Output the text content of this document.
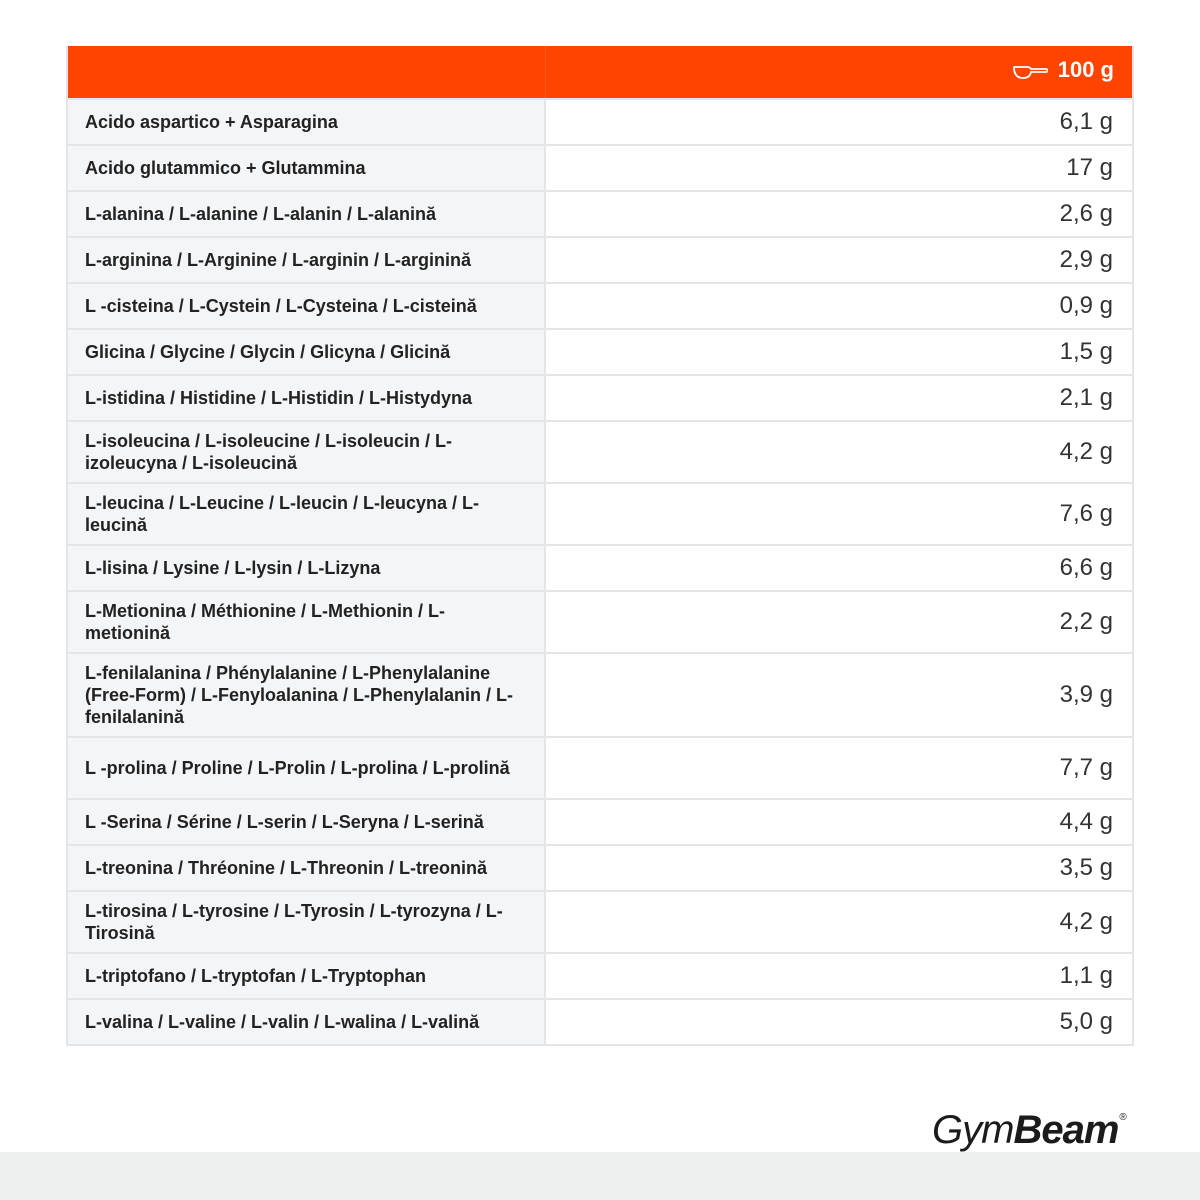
	100 g

Acido aspartico + Asparagina	6,1 g
Acido glutammico + Glutammina	17 g
L-alanina / L-alanine / L-alanin / L-alanină	2,6 g
L-arginina / L-Arginine / L-arginin / L-arginină	2,9 g
L -cisteina / L-Cystein / L-Cysteina / L-cisteină	0,9 g
Glicina / Glycine / Glycin / Glicyna / Glicină	1,5 g
L-istidina / Histidine / L-Histidin / L-Histydyna	2,1 g
L-isoleucina / L-isoleucine / L-isoleucin / L-izoleucyna / L-isoleucină	4,2 g
L-leucina / L-Leucine / L-leucin / L-leucyna / L-leucină	7,6 g
L-lisina / Lysine / L-lysin / L-Lizyna	6,6 g
L-Metionina / Méthionine / L-Methionin / L-metionină	2,2 g
L-fenilalanina / Phénylalanine / L-Phenylalanine (Free-Form) / L-Fenyloalanina / L-Phenylalanin / L-fenilalanină	3,9 g
L -prolina / Proline / L-Prolin / L-prolina / L-prolină	7,7 g
L -Serina / Sérine / L-serin / L-Seryna / L-serină	4,4 g
L-treonina / Thréonine / L-Threonin / L-treonină	3,5 g
L-tirosina / L-tyrosine / L-Tyrosin / L-tyrozyna / L-Tirosină	4,2 g
L-triptofano / L-tryptofan / L-Tryptophan	1,1 g
L-valina / L-valine / L-valin / L-walina / L-valină	5,0 g
Gym Beam ®
